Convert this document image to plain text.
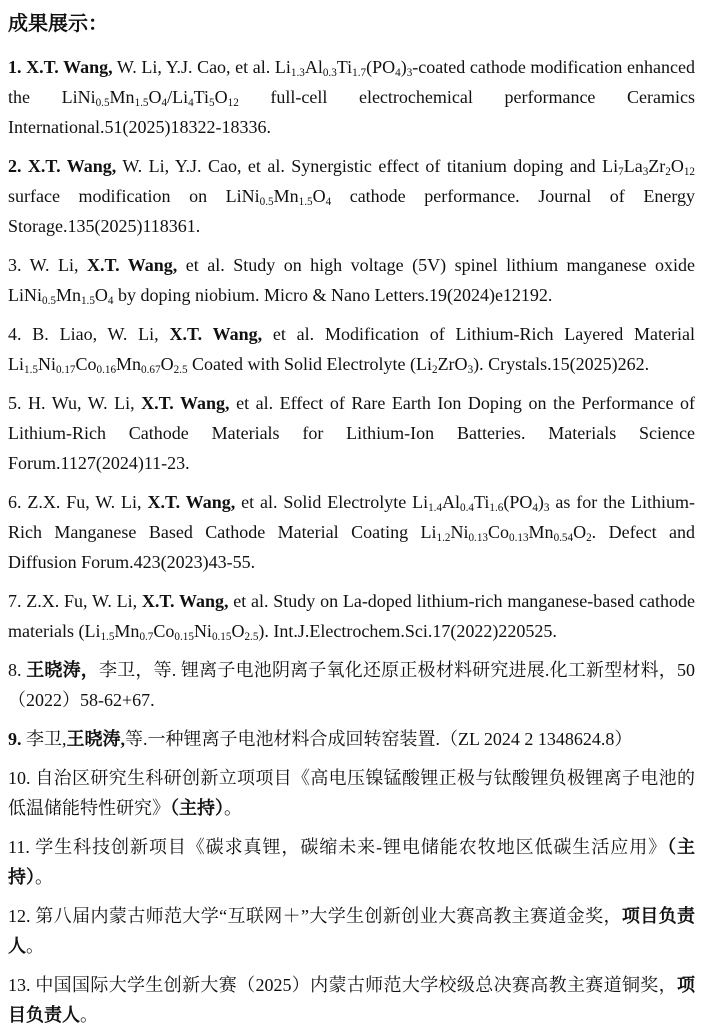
成果展示：

1. X.T. Wang, W. Li, Y.J. Cao, et al. $Li_{1.3}Al_{0.3}Ti_{1.7}(PO_4)_3$-coated cathode modification enhanced the $LiNi_{0.5}Mn_{1.5}O_4/Li_4Ti_5O_{12}$ full-cell electrochemical performance Ceramics International.51(2025)18322-18336.

2. X.T. Wang, W. Li, Y.J. Cao, et al. Synergistic effect of titanium doping and $Li_7La_3Zr_2O_{12}$ surface modification on $LiNi_{0.5}Mn_{1.5}O_4$ cathode performance. Journal of Energy Storage.135(2025)118361.

3. W. Li, X.T. Wang, et al. Study on high voltage (5V) spinel lithium manganese oxide $LiNi_{0.5}Mn_{1.5}O_4$ by doping niobium. Micro & Nano Letters.19(2024)e12192.

4. B. Liao, W. Li, X.T. Wang, et al. Modification of Lithium-Rich Layered Material $Li_{1.5}Ni_{0.17}Co_{0.16}Mn_{0.67}O_{2.5}$ Coated with Solid Electrolyte $(Li_2ZrO_3)$. Crystals.15(2025)262.

5. H. Wu, W. Li, X.T. Wang, et al. Effect of Rare Earth Ion Doping on the Performance of Lithium-Rich Cathode Materials for Lithium-Ion Batteries. Materials Science Forum.1127(2024)11-23.

6. Z.X. Fu, W. Li, X.T. Wang, et al. Solid Electrolyte $Li_{1.4}Al_{0.4}Ti_{1.6}(PO_4)_3$ as for the Lithium-Rich Manganese Based Cathode Material Coating $Li_{1.2}Ni_{0.13}Co_{0.13}Mn_{0.54}O_2$. Defect and Diffusion Forum.423(2023)43-55.

7. Z.X. Fu, W. Li, X.T. Wang, et al. Study on La-doped lithium-rich manganese-based cathode materials $(Li_{1.5}Mn_{0.7}Co_{0.15}Ni_{0.15}O_{2.5})$. Int.J.Electrochem.Sci.17(2022)220525.

8. 王晓涛，李卫，等. 锂离子电池阴离子氧化还原正极材料研究进展.化工新型材料，50（2022）58-62+67.

9. 李卫,王晓涛,等.一种锂离子电池材料合成回转窑装置.（ZL 2024 2 1348624.8）

10. 自治区研究生科研创新立项项目《高电压镍锰酸锂正极与钛酸锂负极锂离子电池的低温储能特性研究》（主持）。

11. 学生科技创新项目《碳求真锂，碳缩未来-锂电储能农牧地区低碳生活应用》（主持）。

12. 第八届内蒙古师范大学“互联网＋”大学生创新创业大赛高教主赛道金奖，项目负责人。

13. 中国国际大学生创新大赛（2025）内蒙古师范大学校级总决赛高教主赛道铜奖，项目负责人。
